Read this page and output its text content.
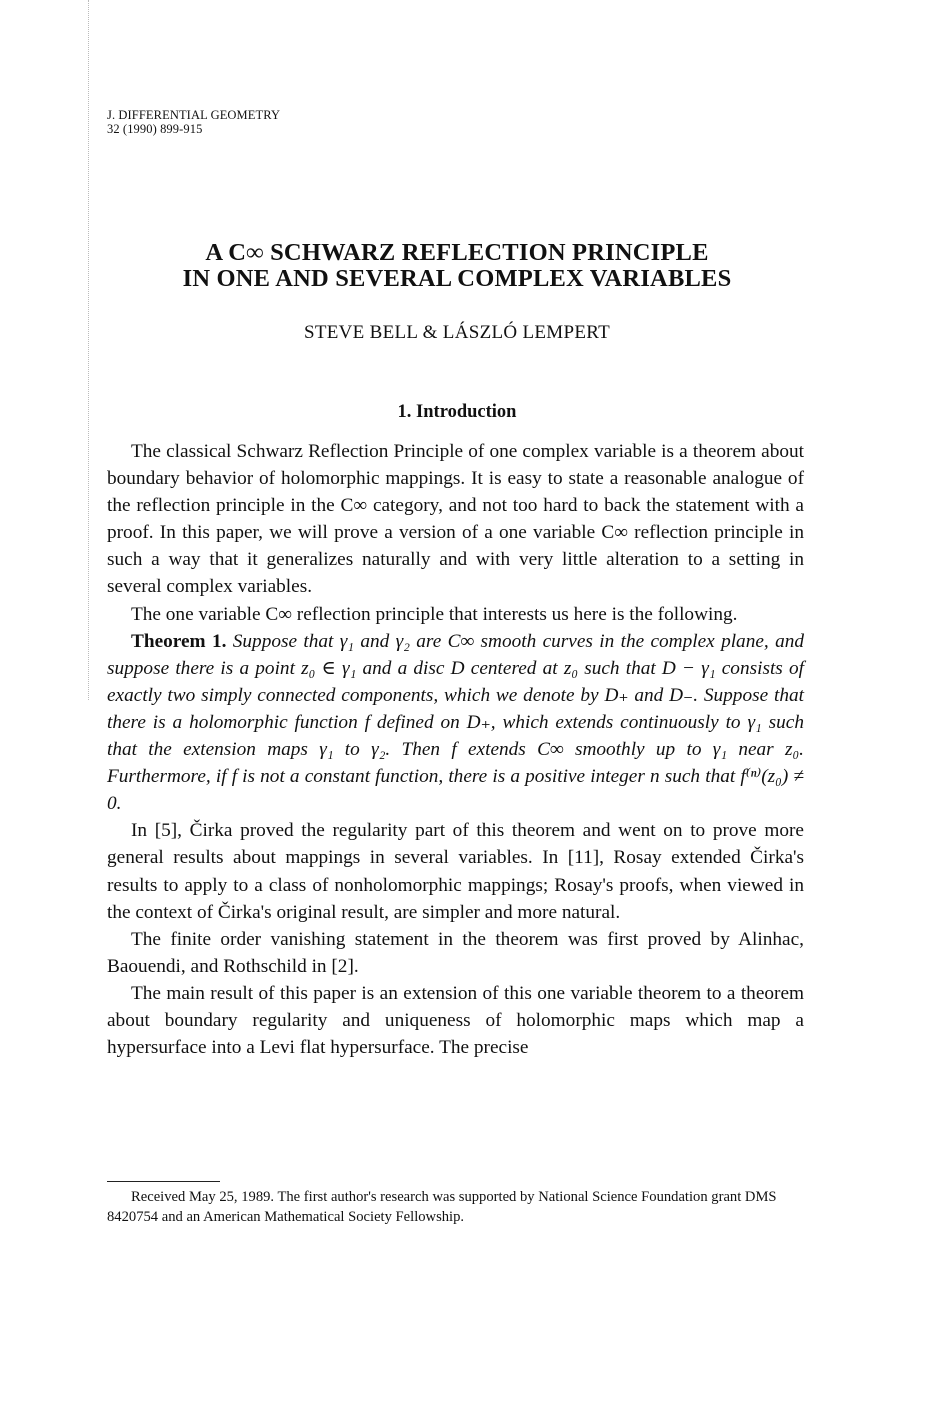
J. DIFFERENTIAL GEOMETRY
32 (1990) 899-915
A C∞ SCHWARZ REFLECTION PRINCIPLE
IN ONE AND SEVERAL COMPLEX VARIABLES
STEVE BELL & LÁSZLÓ LEMPERT
1. Introduction

The classical Schwarz Reflection Principle of one complex variable is a theorem about boundary behavior of holomorphic mappings. It is easy to state a reasonable analogue of the reflection principle in the C∞ category, and not too hard to back the statement with a proof. In this paper, we will prove a version of a one variable C∞ reflection principle in such a way that it generalizes naturally and with very little alteration to a setting in several complex variables.

The one variable C∞ reflection principle that interests us here is the following.

Theorem 1. Suppose that γ₁ and γ₂ are C∞ smooth curves in the complex plane, and suppose there is a point z₀ ∈ γ₁ and a disc D centered at z₀ such that D − γ₁ consists of exactly two simply connected components, which we denote by D₊ and D₋. Suppose that there is a holomorphic function f defined on D₊, which extends continuously to γ₁ such that the extension maps γ₁ to γ₂. Then f extends C∞ smoothly up to γ₁ near z₀. Furthermore, if f is not a constant function, there is a positive integer n such that f⁽ⁿ⁾(z₀) ≠ 0.

In [5], Čirka proved the regularity part of this theorem and went on to prove more general results about mappings in several variables. In [11], Rosay extended Čirka's results to apply to a class of nonholomorphic mappings; Rosay's proofs, when viewed in the context of Čirka's original result, are simpler and more natural.

The finite order vanishing statement in the theorem was first proved by Alinhac, Baouendi, and Rothschild in [2].

The main result of this paper is an extension of this one variable theorem to a theorem about boundary regularity and uniqueness of holomorphic maps which map a hypersurface into a Levi flat hypersurface. The precise

Received May 25, 1989. The first author's research was supported by National Science Foundation grant DMS 8420754 and an American Mathematical Society Fellowship.
